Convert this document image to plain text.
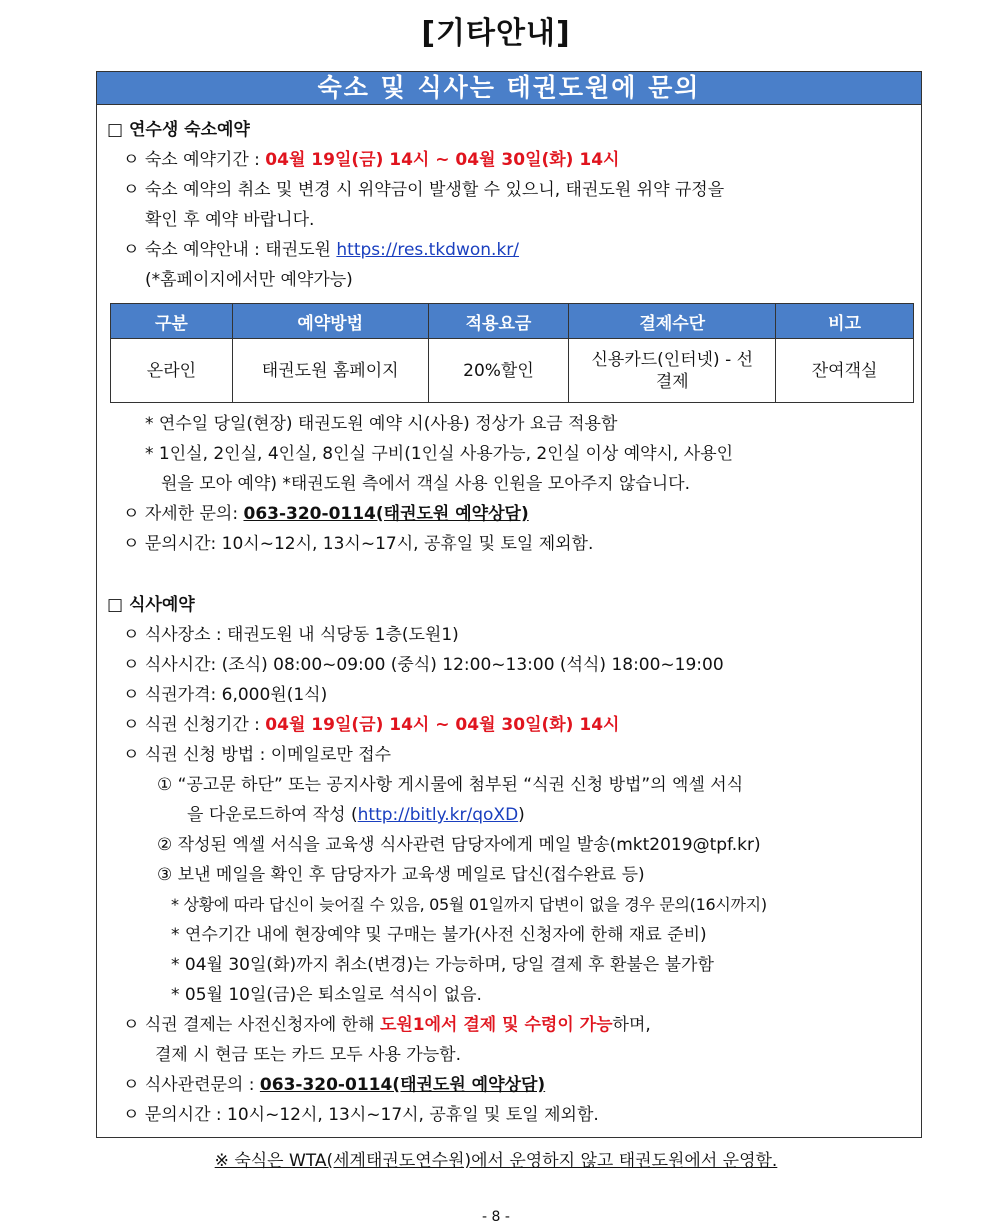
[기타안내]
숙소 및 식사는 태권도원에 문의
□ 연수생 숙소예약
ㅇ 숙소 예약기간 : 04월 19일(금) 14시 ~ 04월 30일(화) 14시
ㅇ 숙소 예약의 취소 및 변경 시 위약금이 발생할 수 있으니, 태권도원 위약 규정을
확인 후 예약 바랍니다.
ㅇ 숙소 예약안내 : 태권도원 https://res.tkdwon.kr/
(*홈페이지에서만 예약가능)
구분	예약방법	적용요금	결제수단	비고
온라인	태권도원 홈페이지	20%할인	신용카드(인터넷) - 선결제	잔여객실
* 연수일 당일(현장) 태권도원 예약 시(사용) 정상가 요금 적용함
* 1인실, 2인실, 4인실, 8인실 구비(1인실 사용가능, 2인실 이상 예약시, 사용인
원을 모아 예약) *태권도원 측에서 객실 사용 인원을 모아주지 않습니다.
ㅇ 자세한 문의: 063-320-0114(태권도원 예약상담)
ㅇ 문의시간: 10시~12시, 13시~17시, 공휴일 및 토일 제외함.
□ 식사예약
ㅇ 식사장소 : 태권도원 내 식당동 1층(도원1)
ㅇ 식사시간: (조식) 08:00~09:00 (중식) 12:00~13:00 (석식) 18:00~19:00
ㅇ 식권가격: 6,000원(1식)
ㅇ 식권 신청기간 : 04월 19일(금) 14시 ~ 04월 30일(화) 14시
ㅇ 식권 신청 방법 : 이메일로만 접수
① “공고문 하단” 또는 공지사항 게시물에 첨부된 “식권 신청 방법”의 엑셀 서식
을 다운로드하여 작성 (http://bitly.kr/qoXD)
② 작성된 엑셀 서식을 교육생 식사관련 담당자에게 메일 발송(mkt2019@tpf.kr)
③ 보낸 메일을 확인 후 담당자가 교육생 메일로 답신(접수완료 등)
* 상황에 따라 답신이 늦어질 수 있음, 05월 01일까지 답변이 없을 경우 문의(16시까지)
* 연수기간 내에 현장예약 및 구매는 불가(사전 신청자에 한해 재료 준비)
* 04월 30일(화)까지 취소(변경)는 가능하며, 당일 결제 후 환불은 불가함
* 05월 10일(금)은 퇴소일로 석식이 없음.
ㅇ 식권 결제는 사전신청자에 한해 도원1에서 결제 및 수령이 가능하며,
결제 시 현금 또는 카드 모두 사용 가능함.
ㅇ 식사관련문의 : 063-320-0114(태권도원 예약상담)
ㅇ 문의시간 : 10시~12시, 13시~17시, 공휴일 및 토일 제외함.
※ 숙식은 WTA(세계태권도연수원)에서 운영하지 않고 태권도원에서 운영함.
- 8 -
